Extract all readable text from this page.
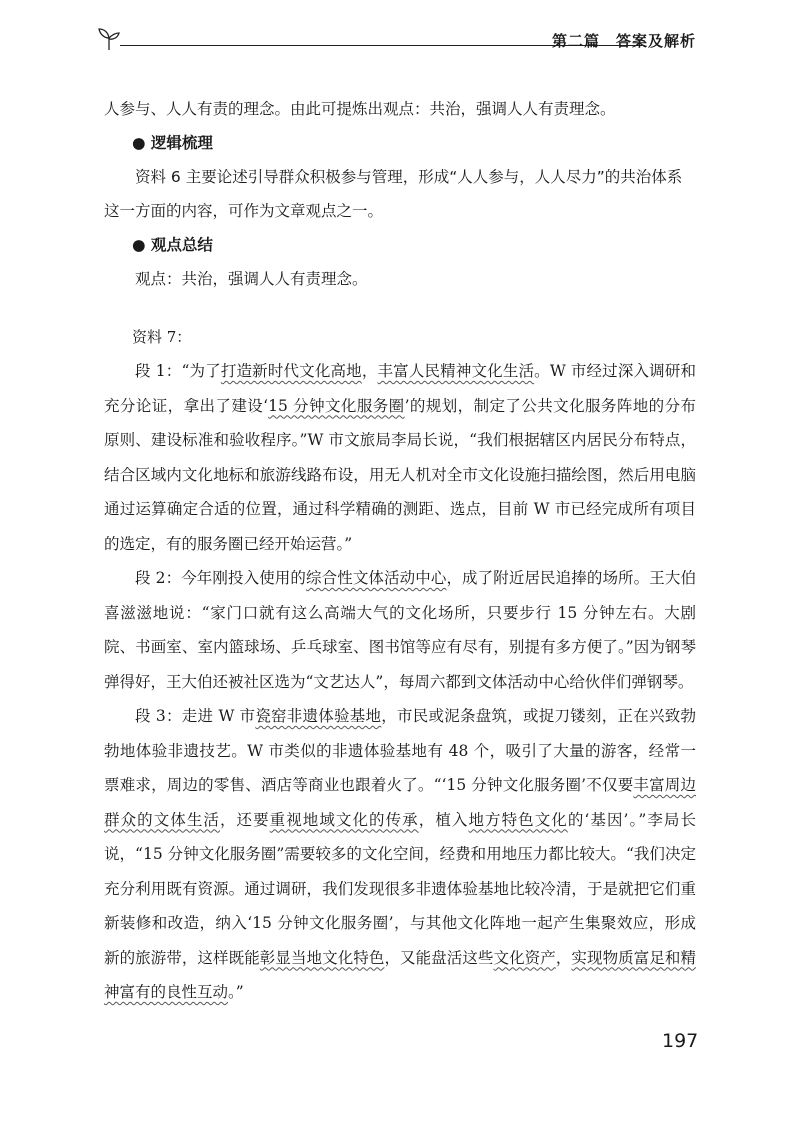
第二篇　答案及解析

人参与、人人有责的理念。由此可提炼出观点：共治，强调人人有责理念。

● 逻辑梳理

资料 6 主要论述引导群众积极参与管理，形成“人人参与，人人尽力”的共治体系这一方面的内容，可作为文章观点之一。

● 观点总结

观点：共治，强调人人有责理念。

资料 7：

段 1：“为了打造新时代文化高地，丰富人民精神文化生活。W 市经过深入调研和充分论证，拿出了建设‘15 分钟文化服务圈’的规划，制定了公共文化服务阵地的分布原则、建设标准和验收程序。”W 市文旅局李局长说，“我们根据辖区内居民分布特点，结合区域内文化地标和旅游线路布设，用无人机对全市文化设施扫描绘图，然后用电脑通过运算确定合适的位置，通过科学精确的测距、选点，目前 W 市已经完成所有项目的选定，有的服务圈已经开始运营。”

段 2：今年刚投入使用的综合性文体活动中心，成了附近居民追捧的场所。王大伯喜滋滋地说：“家门口就有这么高端大气的文化场所，只要步行 15 分钟左右。大剧院、书画室、室内篮球场、乒乓球室、图书馆等应有尽有，别提有多方便了。”因为钢琴弹得好，王大伯还被社区选为“文艺达人”，每周六都到文体活动中心给伙伴们弹钢琴。

段 3：走进 W 市瓷窑非遗体验基地，市民或泥条盘筑，或捉刀镂刻，正在兴致勃勃地体验非遗技艺。W 市类似的非遗体验基地有 48 个，吸引了大量的游客，经常一票难求，周边的零售、酒店等商业也跟着火了。“‘15 分钟文化服务圈’不仅要丰富周边群众的文体生活，还要重视地域文化的传承，植入地方特色文化的‘基因’。”李局长说，“15 分钟文化服务圈”需要较多的文化空间，经费和用地压力都比较大。“我们决定充分利用既有资源。通过调研，我们发现很多非遗体验基地比较冷清，于是就把它们重新装修和改造，纳入‘15 分钟文化服务圈’，与其他文化阵地一起产生集聚效应，形成新的旅游带，这样既能彰显当地文化特色，又能盘活这些文化资产，实现物质富足和精神富有的良性互动。”

197
